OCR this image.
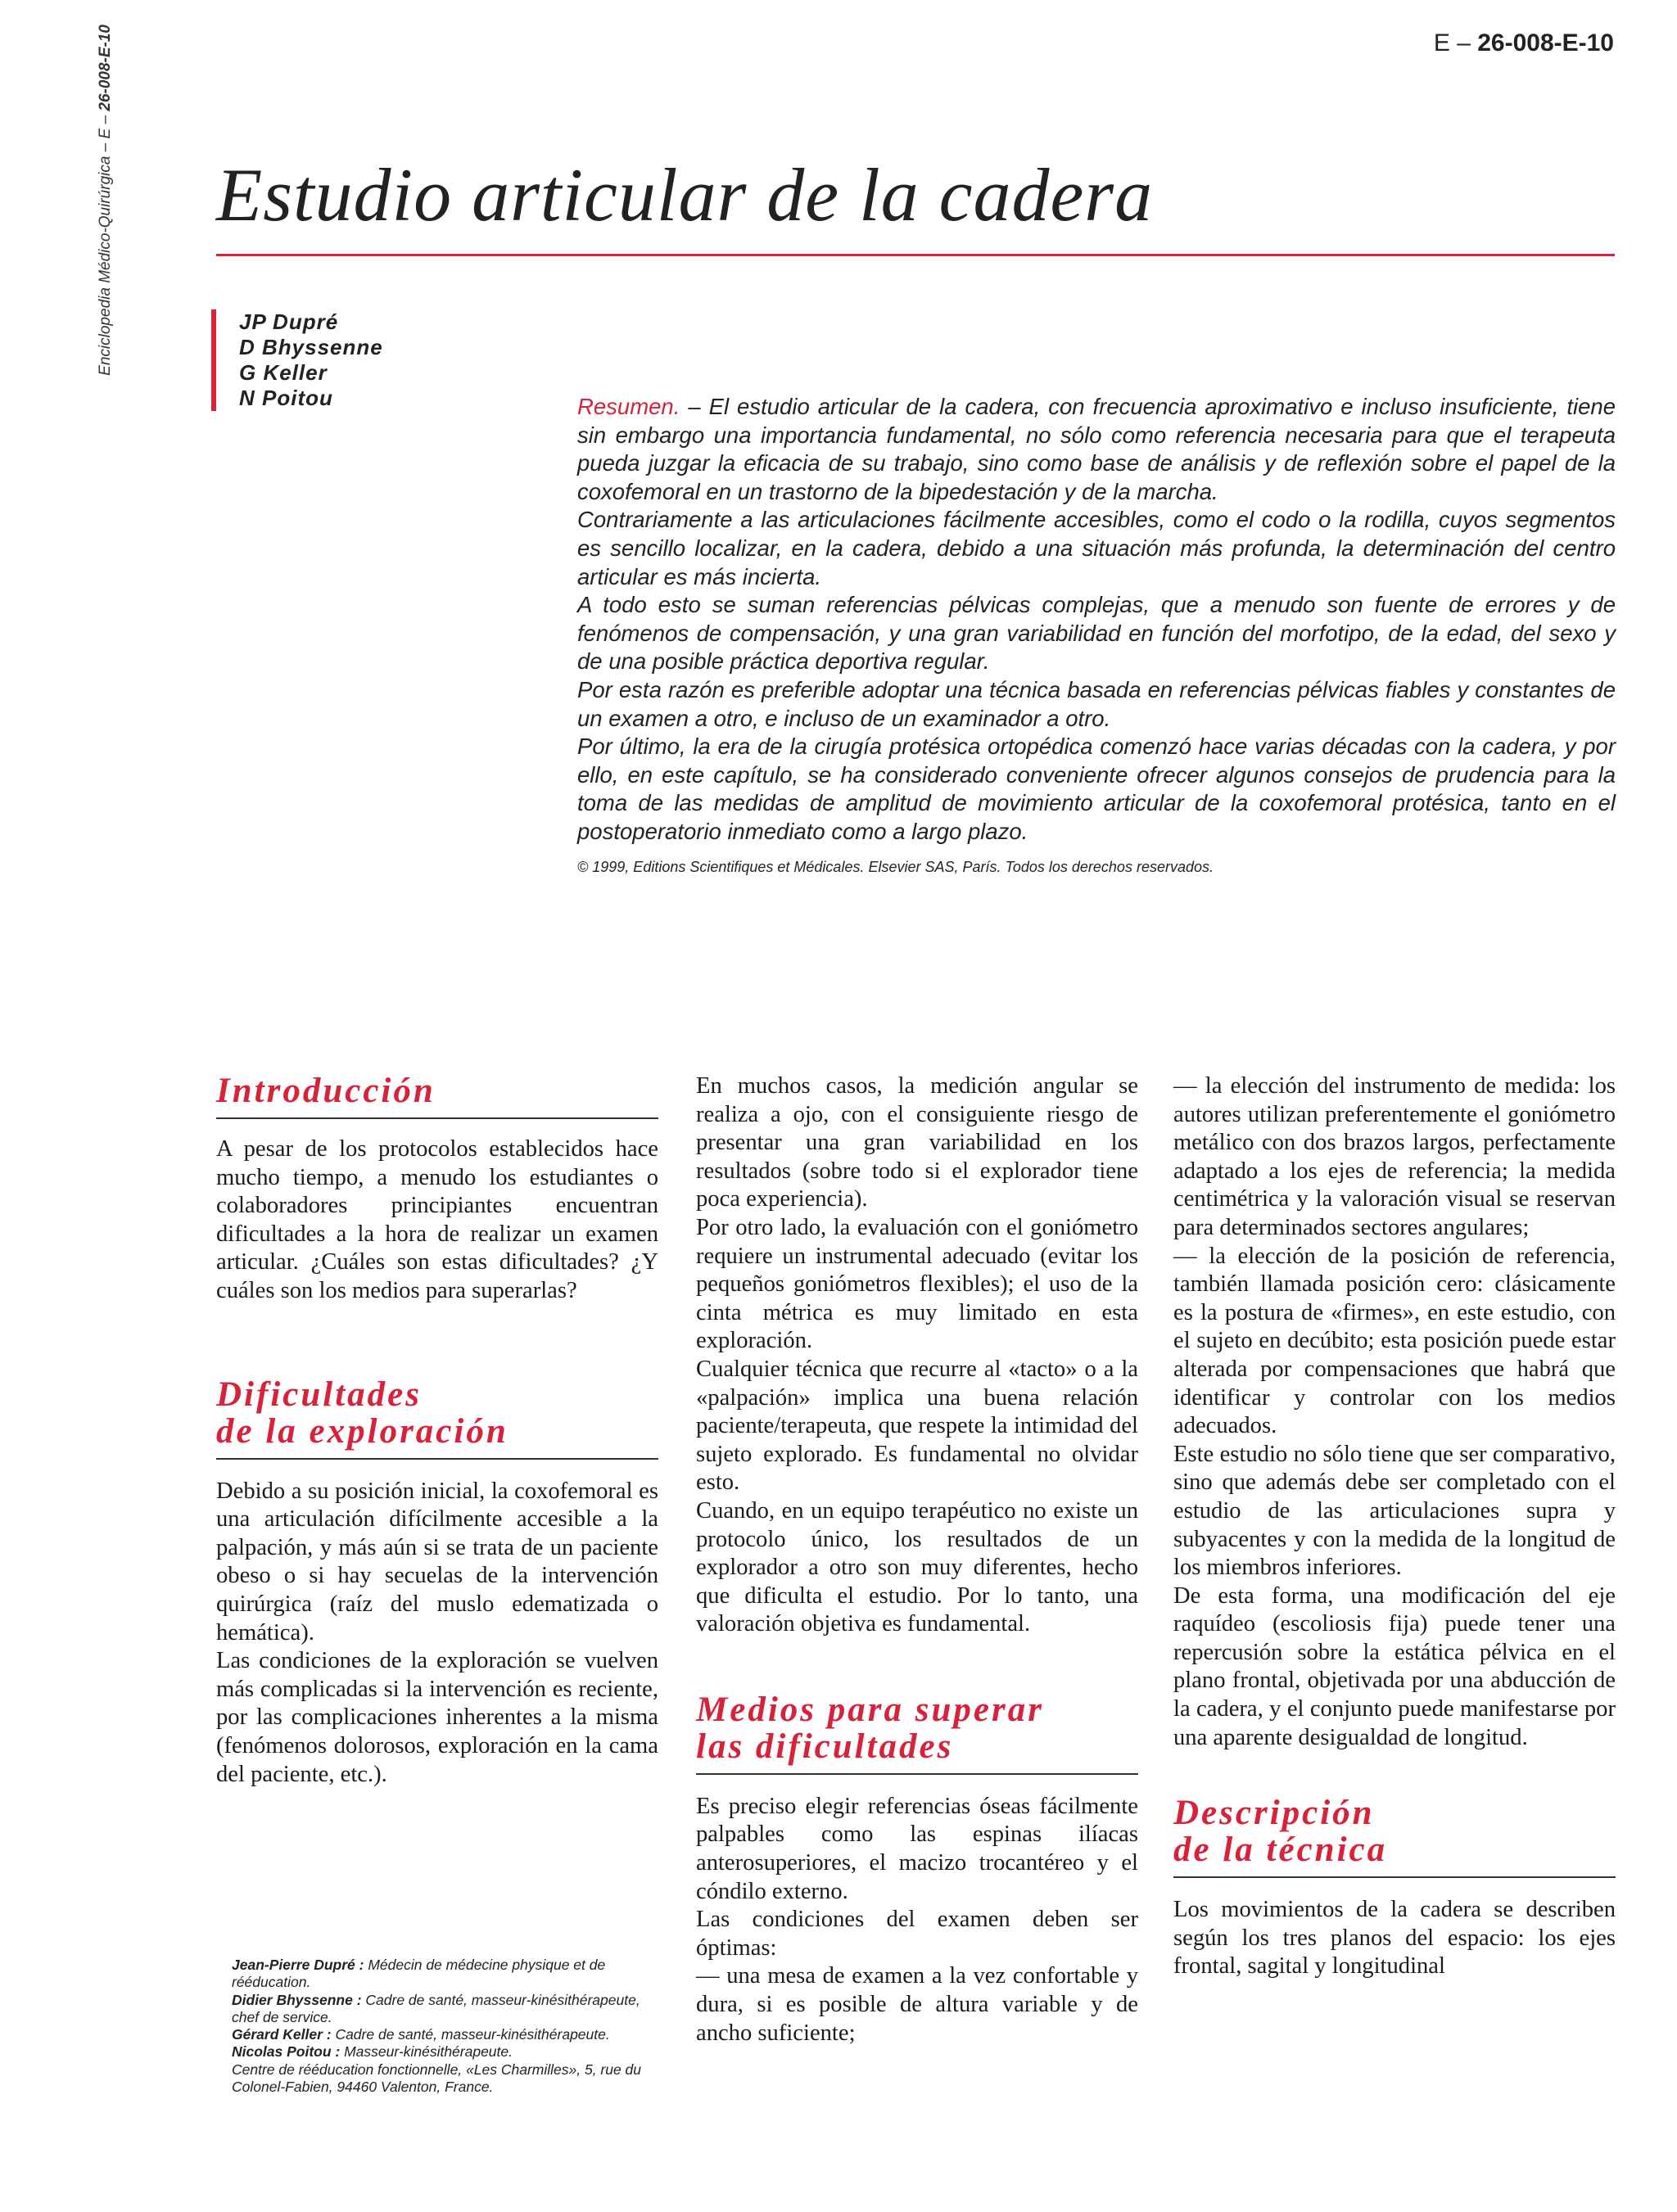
Enciclopedia Médico-Quirúrgica – E – 26-008-E-10	E – 26-008-E-10
Estudio articular de la cadera
JP Dupré
D Bhyssenne
G Keller
N Poitou	Resumen. – El estudio articular de la cadera, con frecuencia aproximativo e incluso insuficiente, tiene sin embargo una importancia fundamental, no sólo como referencia necesaria para que el terapeuta pueda juzgar la eficacia de su trabajo, sino como base de análisis y de reflexión sobre el papel de la coxofemoral en un trastorno de la bipedestación y de la marcha.

Contrariamente a las articulaciones fácilmente accesibles, como el codo o la rodilla, cuyos segmentos es sencillo localizar, en la cadera, debido a una situación más profunda, la determinación del centro articular es más incierta.

A todo esto se suman referencias pélvicas complejas, que a menudo son fuente de errores y de fenómenos de compensación, y una gran variabilidad en función del morfotipo, de la edad, del sexo y de una posible práctica deportiva regular.

Por esta razón es preferible adoptar una técnica basada en referencias pélvicas fiables y constantes de un examen a otro, e incluso de un examinador a otro.

Por último, la era de la cirugía protésica ortopédica comenzó hace varias décadas con la cadera, y por ello, en este capítulo, se ha considerado conveniente ofrecer algunos consejos de prudencia para la toma de las medidas de amplitud de movimiento articular de la coxofemoral protésica, tanto en el postoperatorio inmediato como a largo plazo.

© 1999, Editions Scientifiques et Médicales. Elsevier SAS, París. Todos los derechos reservados.

Introducción

A pesar de los protocolos establecidos hace mucho tiempo, a menudo los estudiantes o colaboradores principiantes encuentran dificultades a la hora de realizar un examen articular. ¿Cuáles son estas dificultades? ¿Y cuáles son los medios para superarlas?

Dificultades
de la exploración

Debido a su posición inicial, la coxofemoral es una articulación difícilmente accesible a la palpación, y más aún si se trata de un paciente obeso o si hay secuelas de la intervención quirúrgica (raíz del muslo edematizada o hemática).

Las condiciones de la exploración se vuelven más complicadas si la intervención es reciente, por las complicaciones inherentes a la misma (fenómenos dolorosos, exploración en la cama del paciente, etc.).

En muchos casos, la medición angular se realiza a ojo, con el consiguiente riesgo de presentar una gran variabilidad en los resultados (sobre todo si el explorador tiene poca experiencia).

Por otro lado, la evaluación con el goniómetro requiere un instrumental adecuado (evitar los pequeños goniómetros flexibles); el uso de la cinta métrica es muy limitado en esta exploración.

Cualquier técnica que recurre al «tacto» o a la «palpación» implica una buena relación paciente/terapeuta, que respete la intimidad del sujeto explorado. Es fundamental no olvidar esto.

Cuando, en un equipo terapéutico no existe un protocolo único, los resultados de un explorador a otro son muy diferentes, hecho que dificulta el estudio. Por lo tanto, una valoración objetiva es fundamental.

Medios para superar
las dificultades

Es preciso elegir referencias óseas fácilmente palpables como las espinas ilíacas anterosuperiores, el macizo trocantéreo y el cóndilo externo.

Las condiciones del examen deben ser óptimas:

— una mesa de examen a la vez confortable y dura, si es posible de altura variable y de ancho suficiente;

— la elección del instrumento de medida: los autores utilizan preferentemente el goniómetro metálico con dos brazos largos, perfectamente adaptado a los ejes de referencia; la medida centimétrica y la valoración visual se reservan para determinados sectores angulares;

— la elección de la posición de referencia, también llamada posición cero: clásicamente es la postura de «firmes», en este estudio, con el sujeto en decúbito; esta posición puede estar alterada por compensaciones que habrá que identificar y controlar con los medios adecuados.

Este estudio no sólo tiene que ser comparativo, sino que además debe ser completado con el estudio de las articulaciones supra y subyacentes y con la medida de la longitud de los miembros inferiores.

De esta forma, una modificación del eje raquídeo (escoliosis fija) puede tener una repercusión sobre la estática pélvica en el plano frontal, objetivada por una abducción de la cadera, y el conjunto puede manifestarse por una aparente desigualdad de longitud.

Descripción
de la técnica

Los movimientos de la cadera se describen según los tres planos del espacio: los ejes frontal, sagital y longitudinal

Jean-Pierre Dupré : Médecin de médecine physique et de rééducation.

Didier Bhyssenne : Cadre de santé, masseur-kinésithérapeute, chef de service.

Gérard Keller : Cadre de santé, masseur-kinésithérapeute.

Nicolas Poitou : Masseur-kinésithérapeute.

Centre de rééducation fonctionnelle, «Les Charmilles», 5, rue du Colonel-Fabien, 94460 Valenton, France.
